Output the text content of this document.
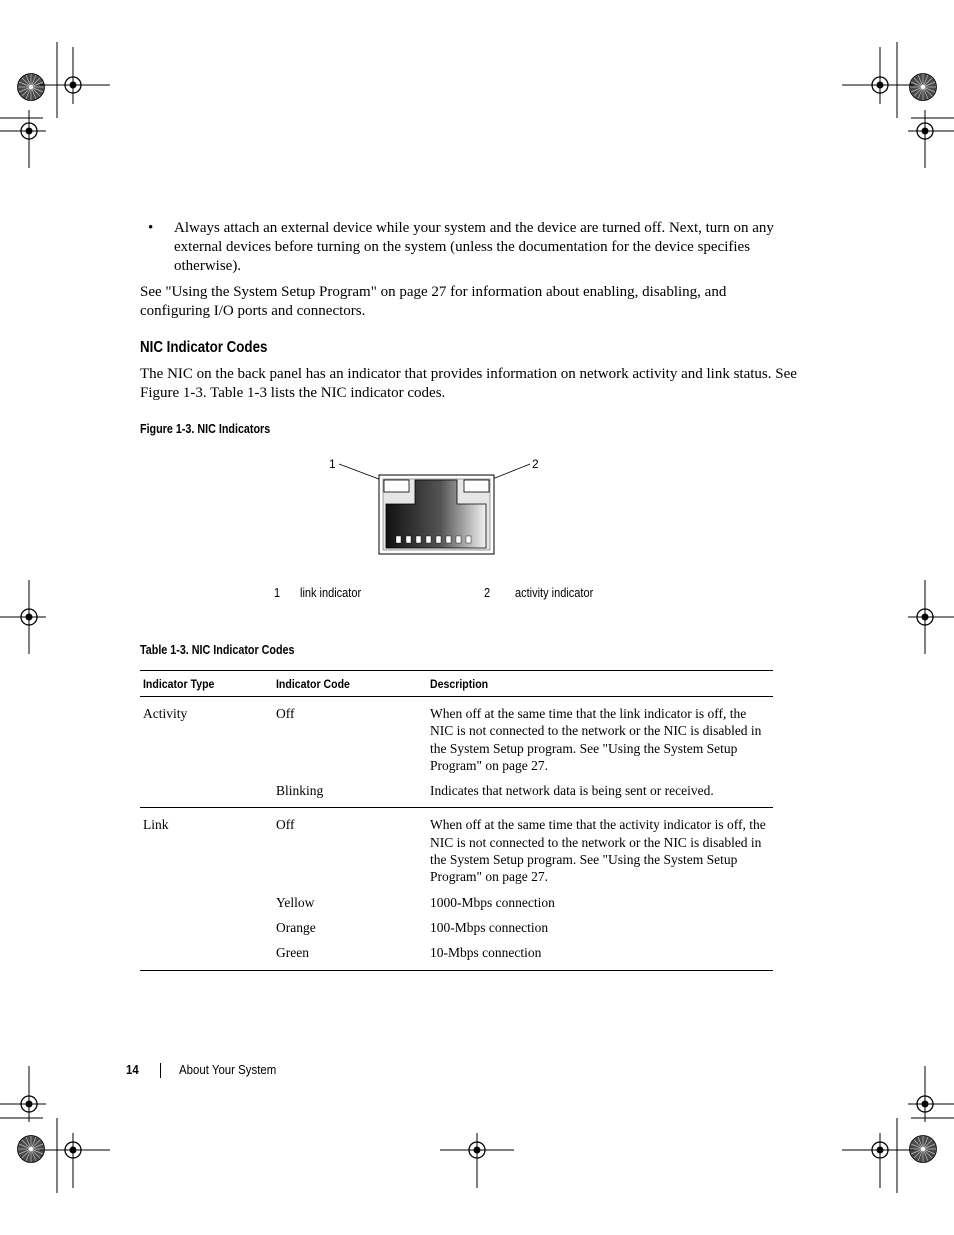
• Always attach an external device while your system and the device are turned off. Next, turn on any external devices before turning on the system (unless the documentation for the device specifies otherwise).
See "Using the System Setup Program" on page 27 for information about enabling, disabling, and configuring I/O ports and connectors.
NIC Indicator Codes
The NIC on the back panel has an indicator that provides information on network activity and link status. See Figure 1-3. Table 1-3 lists the NIC indicator codes.
Figure 1-3. NIC Indicators
1	2
1 link indicator	2 activity indicator
Table 1-3. NIC Indicator Codes
Indicator Type	Indicator Code	Description
Activity	Off	When off at the same time that the link indicator is off, the NIC is not connected to the network or the NIC is disabled in the System Setup program. See "Using the System Setup Program" on page 27.
	Blinking	Indicates that network data is being sent or received.
Link	Off	When off at the same time that the activity indicator is off, the NIC is not connected to the network or the NIC is disabled in the System Setup program. See "Using the System Setup Program" on page 27.
	Yellow	1000-Mbps connection
	Orange	100-Mbps connection
	Green	10-Mbps connection
14	About Your System
